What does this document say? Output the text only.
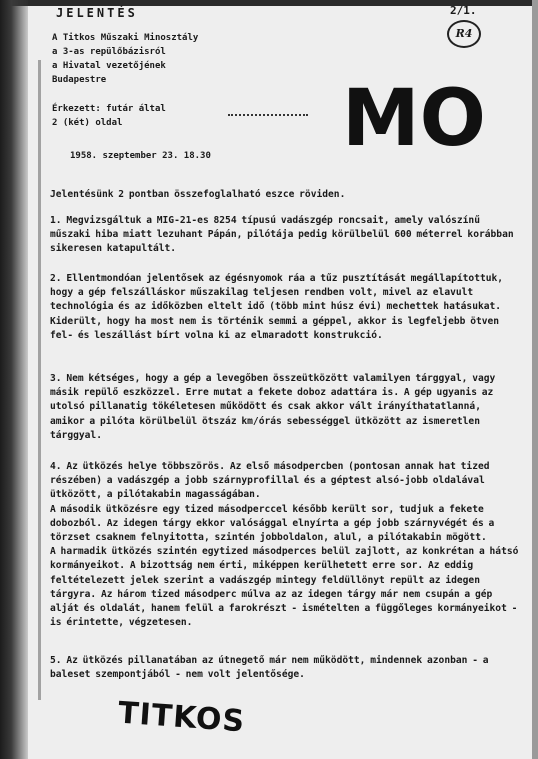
JELENTÉS	2/1.
R4
A Titkos Műszaki Minosztály
a 3-as repülőbázisról
a Hivatal vezetőjének
Budapestre
Érkezett: futár által
2 (két) oldal	MO
1958. szeptember 23. 18.30
Jelentésünk 2 pontban összefoglalható eszce röviden.
1. Megvizsgáltuk a MIG-21-es 8254 típusú vadászgép roncsait, amely valószínű műszaki hiba miatt lezuhant Pápán, pilótája pedig körülbelül 600 méterrel korábban sikeresen katapultált.
2. Ellentmondóan jelentősek az égésnyomok ráa a tűz pusztítását megállapítottuk, hogy a gép felszálláskor műszakilag teljesen rendben volt, mivel az elavult technológia és az időközben eltelt idő (több mint húsz évi) mechettek hatásukat. Kiderült, hogy ha most nem is történik semmi a géppel, akkor is legfeljebb ötven fel- és leszállást bírt volna ki az elmaradott konstrukció.
3. Nem kétséges, hogy a gép a levegőben összeütközött valamilyen tárggyal, vagy másik repülő eszközzel. Erre mutat a fekete doboz adattára is. A gép ugyanis az utolsó pillanatig tökéletesen működött és csak akkor vált irányíthatatlanná, amikor a pilóta körülbelül ötszáz km/órás sebességgel ütközött az ismeretlen tárggyal.
4. Az ütközés helye többszörös. Az első másodpercben (pontosan annak hat tized részében) a vadászgép a jobb szárnyprofillal és a géptest alsó-jobb oldalával ütközött, a pilótakabin magasságában.
A második ütközésre egy tized másodperccel később került sor, tudjuk a fekete dobozból. Az idegen tárgy ekkor valósággal elnyírta a gép jobb szárnyvégét és a törzset csaknem felnyitotta, szintén jobboldalon, alul, a pilótakabin mögött.
A harmadik ütközés szintén egytized másodperces belül zajlott, az konkrétan a hátsó kormányeikot. A bizottság nem érti, miképpen kerülhetett erre sor. Az eddig feltételezett jelek szerint a vadászgép mintegy feldüllönyt repült az idegen tárgyra. Az három tized másodperc múlva az az idegen tárgy már nem csupán a gép alját és oldalát, hanem felül a farokrészt - ismételten a függőleges kormányeikot - is érintette, végzetesen.
5. Az ütközés pillanatában az útnegető már nem működött, mindennek azonban - a baleset szempontjából - nem volt jelentősége.
TITKOS
